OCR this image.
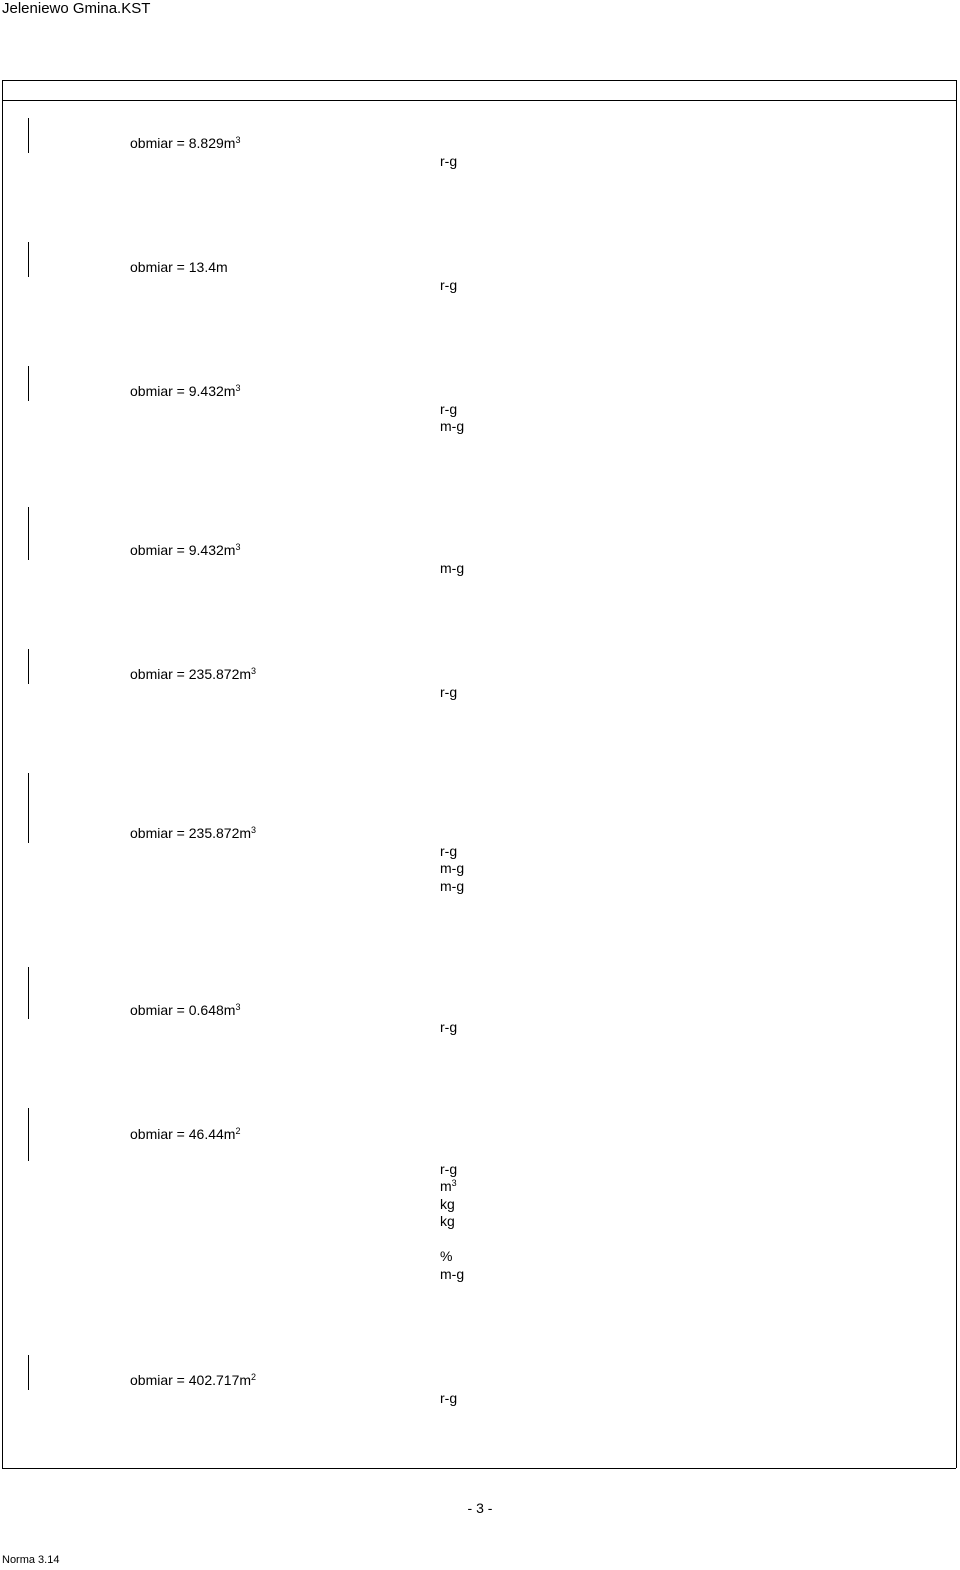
Jeleniewo Gmina.KST
obmiar = $8.829m^3$
r-g
obmiar = 13.4m
r-g
obmiar = $9.432m^3$
r-g
m-g
obmiar = $9.432m^3$
m-g
obmiar = $235.872m^3$
r-g
obmiar = $235.872m^3$
r-g
m-g
m-g
obmiar = $0.648m^3$
r-g
obmiar = $46.44m^2$
r-g
$m^3$
kg
kg
%
m-g
obmiar = $402.717m^2$
r-g
- 3 -
Norma 3.14
